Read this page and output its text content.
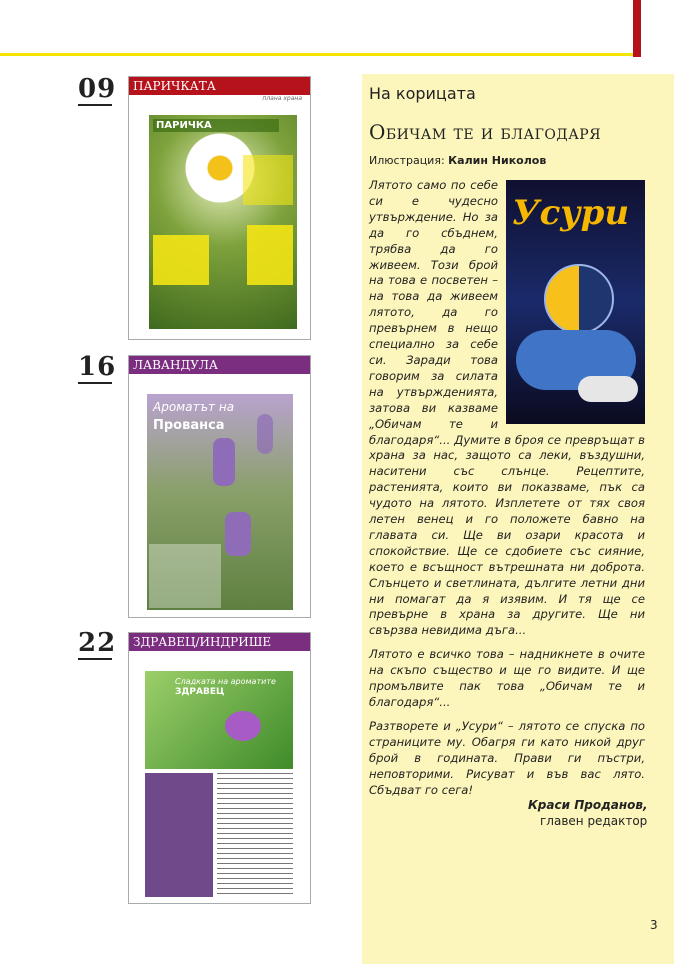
09	ПАРИЧКАТА
плана храна
ПАРИЧКА
16	ЛАВАНДУЛА
Ароматът на
Прованса
22	ЗДРАВЕЦ/ИНДРИШЕ
Сладката на ароматите
ЗДРАВЕЦ
На корицата
Обичам те и благодаря
Илюстрация: Калин Николов
Усури

Лятото само по себе си е чудесно утвърждение. Но за да го сбъднем, трябва да го живеем. Този брой на това е посветен – на това да живеем лятото, да го превърнем в нещо специално за себе си. Заради това говорим за силата на утвържденията, затова ви казваме „Обичам те и благодаря“... Думите в броя се превръщат в храна за нас, защото са леки, въздушни, наситени със слънце. Рецептите, растенията, които ви показваме, пък са чудото на лятото. Изплетете от тях своя летен венец и го положете бавно на главата си. Ще ви озари красота и спокойствие. Ще се сдобиете със сияние, което е всъщност вътрешната ни доброта. Слънцето и светлината, дългите летни дни ни помагат да я изявим. И тя ще се превърне в храна за другите. Ще ни свързва невидима дъга...

Лятото е всичко това – надникнете в очите на скъпо същество и ще го видите. И ще промълвите пак това „Обичам те и благодаря“...

Разтворете и „Усури“ – лятото се спуска по страниците му. Обагря ги като никой друг брой в годината. Прави ги пъстри, неповторими. Рисуват и във вас лято. Сбъдват го сега!

Краси Проданов,
главен редактор
3
